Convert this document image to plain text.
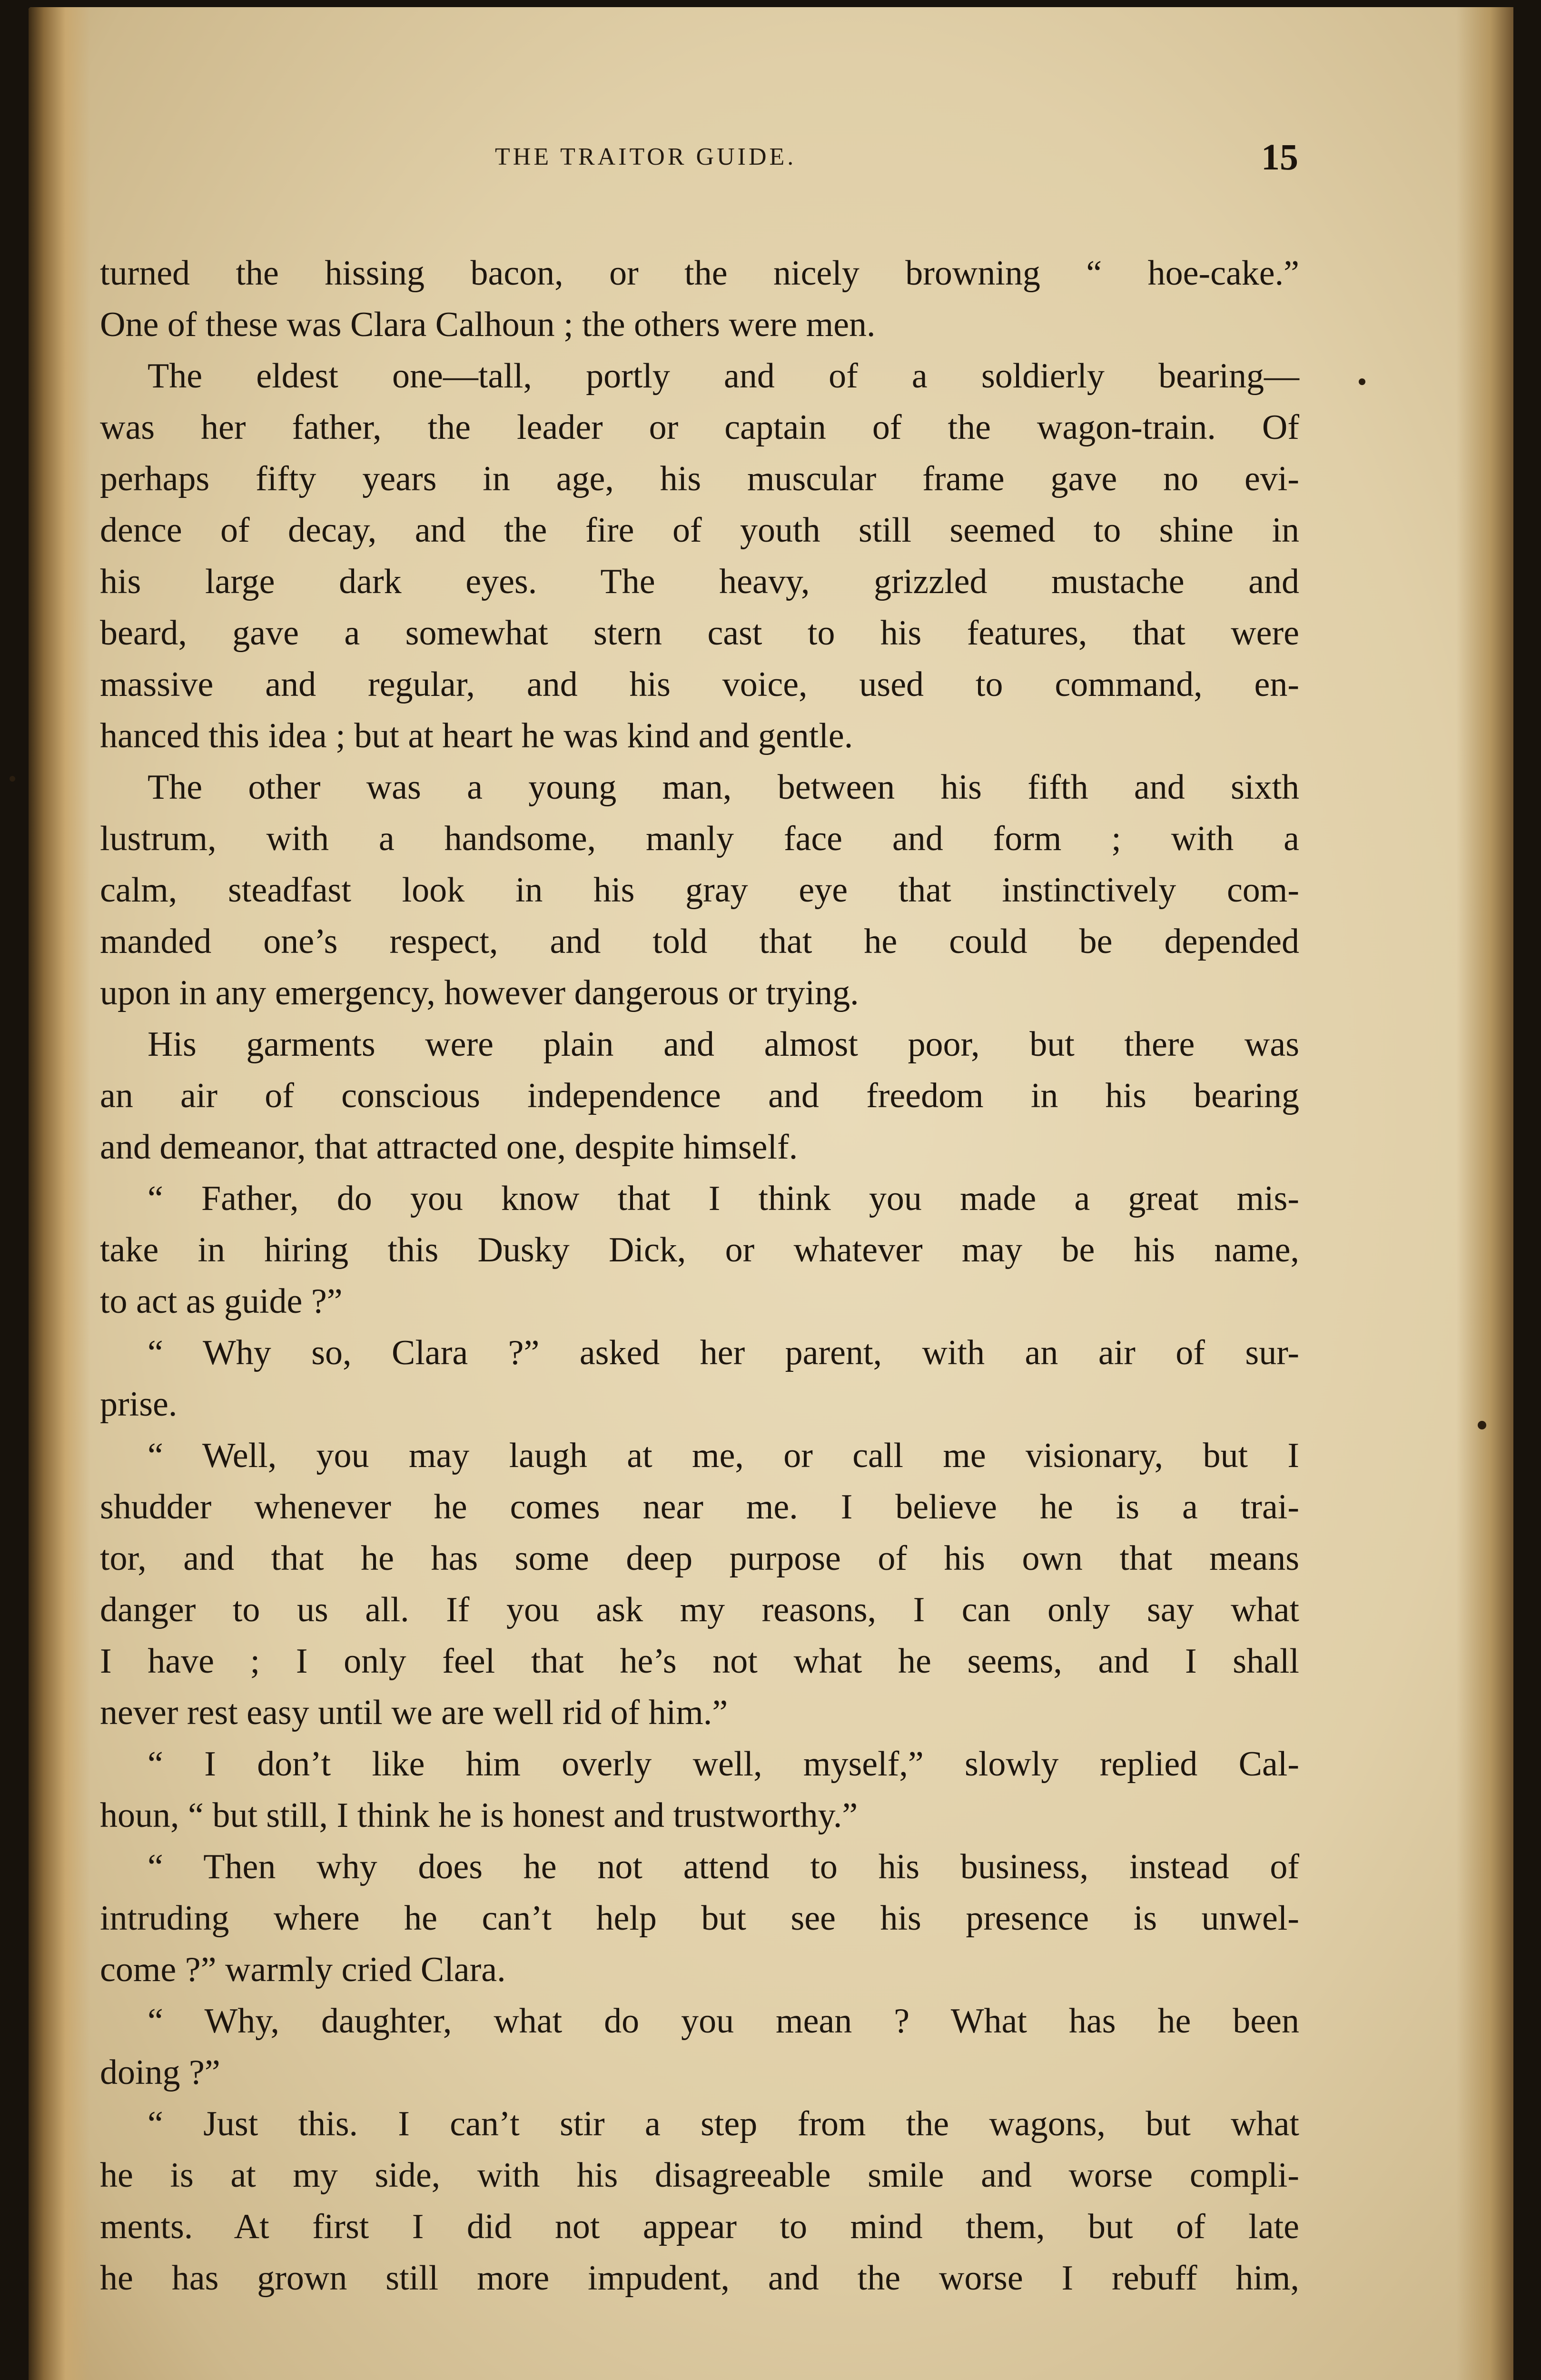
THE TRAITOR GUIDE.	15
turned the hissing bacon, or the nicely browning “ hoe-cake.”
One of these was Clara Calhoun ; the others were men.
The eldest one—tall, portly and of a soldierly bearing—
was her father, the leader or captain of the wagon-train. Of
perhaps fifty years in age, his muscular frame gave no evi-
dence of decay, and the fire of youth still seemed to shine in
his large dark eyes. The heavy, grizzled mustache and
beard, gave a somewhat stern cast to his features, that were
massive and regular, and his voice, used to command, en-
hanced this idea ; but at heart he was kind and gentle.
The other was a young man, between his fifth and sixth
lustrum, with a handsome, manly face and form ; with a
calm, steadfast look in his gray eye that instinctively com-
manded one’s respect, and told that he could be depended
upon in any emergency, however dangerous or trying.
His garments were plain and almost poor, but there was
an air of conscious independence and freedom in his bearing
and demeanor, that attracted one, despite himself.
“ Father, do you know that I think you made a great mis-
take in hiring this Dusky Dick, or whatever may be his name,
to act as guide ?”
“ Why so, Clara ?” asked her parent, with an air of sur-
prise.
“ Well, you may laugh at me, or call me visionary, but I
shudder whenever he comes near me. I believe he is a trai-
tor, and that he has some deep purpose of his own that means
danger to us all. If you ask my reasons, I can only say what
I have ; I only feel that he’s not what he seems, and I shall
never rest easy until we are well rid of him.”
“ I don’t like him overly well, myself,” slowly replied Cal-
houn, “ but still, I think he is honest and trustworthy.”
“ Then why does he not attend to his business, instead of
intruding where he can’t help but see his presence is unwel-
come ?” warmly cried Clara.
“ Why, daughter, what do you mean ? What has he been
doing ?”
“ Just this. I can’t stir a step from the wagons, but what
he is at my side, with his disagreeable smile and worse compli-
ments. At first I did not appear to mind them, but of late
he has grown still more impudent, and the worse I rebuff him,
